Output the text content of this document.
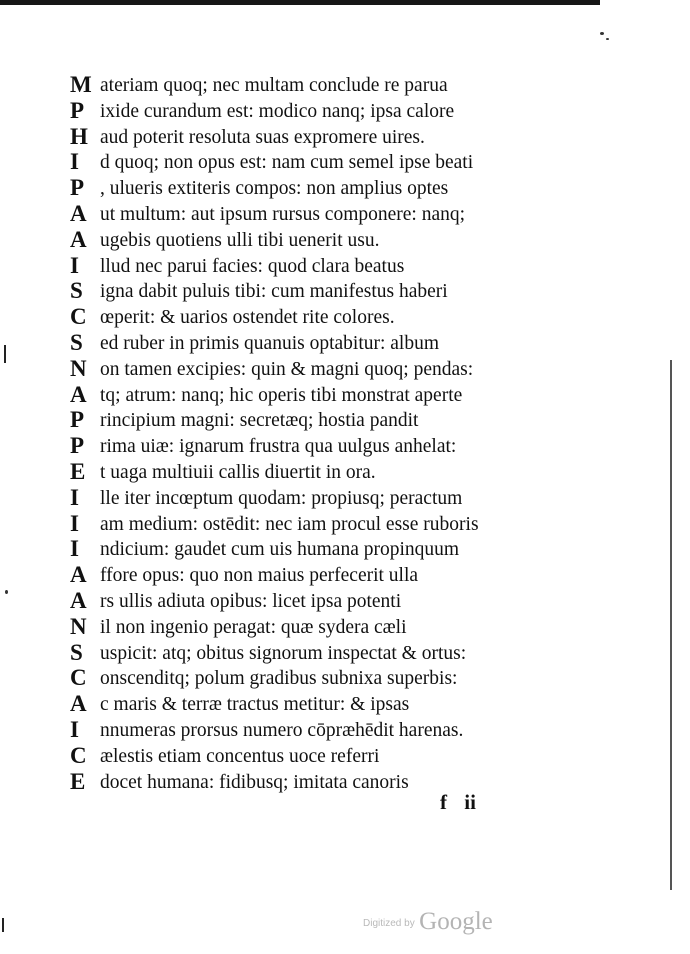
M ateriam quoq; nec multam conclude re parua
P ixide curandum est: modico nanq; ipsa calore
H aud poterit resoluta suas exprom​ere uires.
I d quoq; non opus est: nam cum semel ipse beati
P , ulueris extiteris compos: non amplius optes
A ut multum: aut ipsum rursus componere: nanq;
A ugebis quotiens ulli tibi uenerit usu.
I llud nec parui facies: quod clara beatus
S igna dabit puluis tibi: cum manifestus haberi
C œperit: & uarios ostendet rite colores.
S ed ruber in primis quanuis optabitur: album
N on tamen excipies: quin & magni quoq; pendas:
A tq; atrum: nanq; hic operis tibi monstrat aperte
P rincipium magni: secretæq; hostia pandit
P rima uiæ: ignarum frustra qua uulgus anhelat:
E t uaga multiuii callis diuertit in ora.
I lle iter incœptum quodam: propiusq; peractum
I am medium: ostēdit: nec iam procul esse ruboris
I ndicium: gaudet cum uis humana propinquum
A ffore opus: quo non maius perfecerit ulla
A rs ullis adiuta opibus: licet ipsa potenti
N il non ingenio peragat: quæ sydera cæli
S uspicit: atq; obitus signorum inspectat & ortus:
C onscenditq; polum gradibus subnixa superbis:
A c maris & terræ tractus metitur: & ipsas
I nnumeras prorsus numero cōpræhēdit harenas.
C ælestis etiam concentus uoce referri
E docet humana: fidibusq; imitata canoris
f ii
Digitized by Google
